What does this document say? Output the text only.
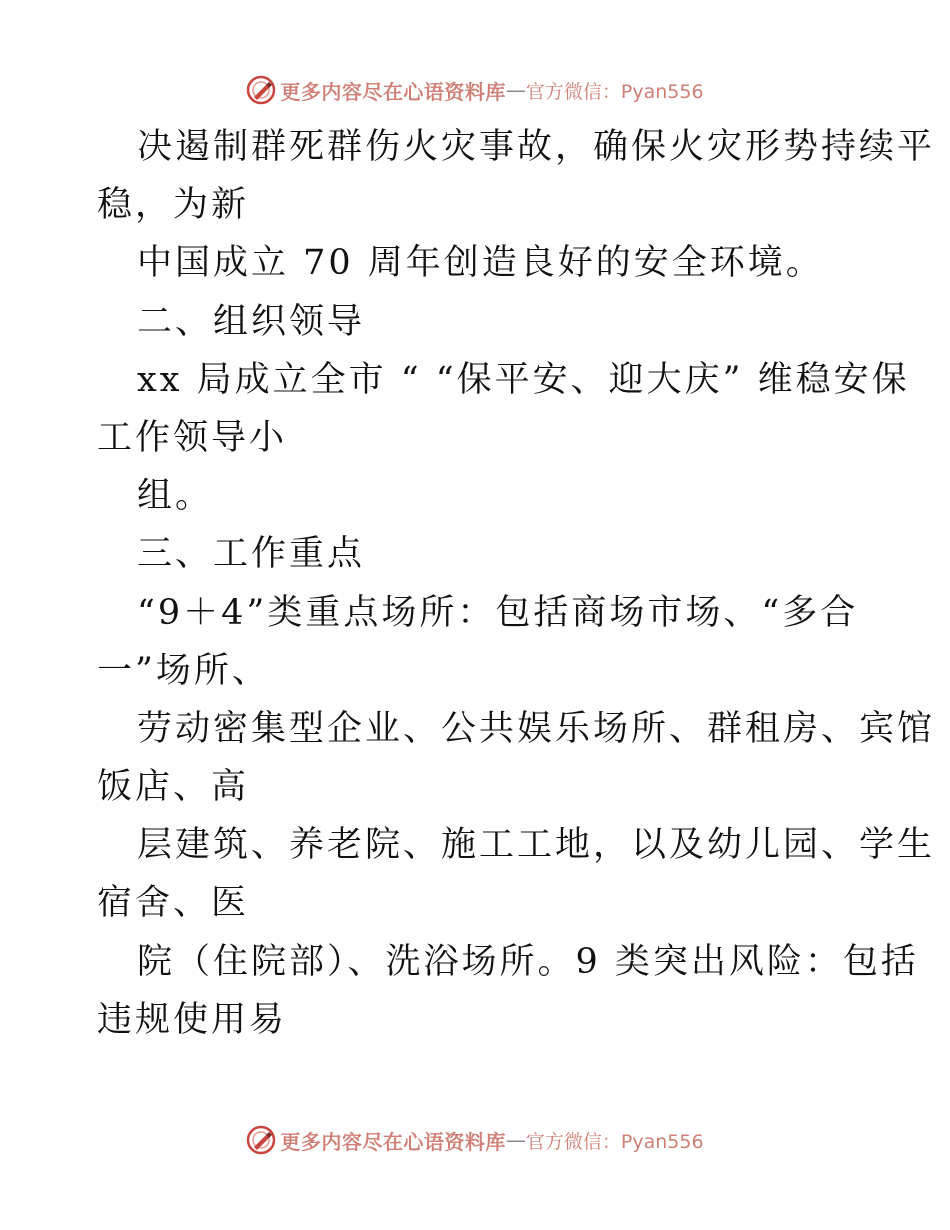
更多内容尽在心语资料库 — 官方微信：Pyan556
决遏制群死群伤火灾事故，确保火灾形势持续平
稳，为新
中国成立 70 周年创造良好的安全环境。
二、组织领导
xx 局成立全市 “ “保平安、迎大庆” 维稳安保
工作领导小
组。
三、工作重点
“9＋4”类重点场所：包括商场市场、“多合
一”场所、
劳动密集型企业、公共娱乐场所、群租房、宾馆
饭店、高
层建筑、养老院、施工工地，以及幼儿园、学生
宿舍、医
院（住院部）、洗浴场所。9 类突出风险：包括
违规使用易
更多内容尽在心语资料库 — 官方微信：Pyan556
